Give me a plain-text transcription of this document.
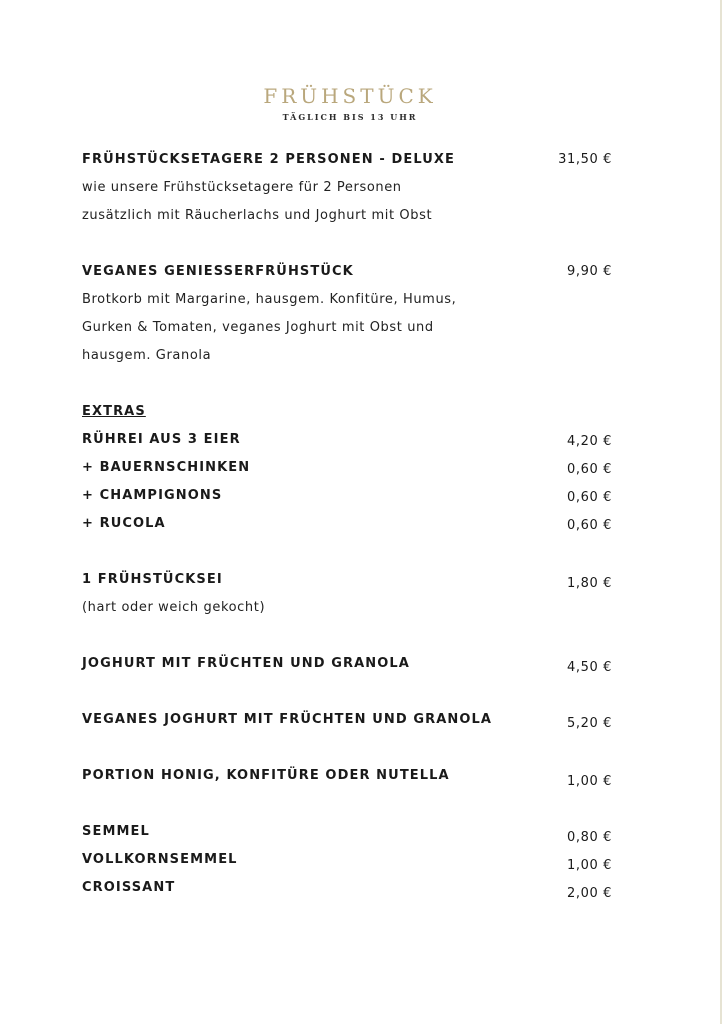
FRÜHSTÜCK
TÄGLICH BIS 13 UHR
FRÜHSTÜCKSETAGERE 2 PERSONEN - DELUXE	31,50 €
wie unsere Frühstücksetagere für 2 Personen
zusätzlich mit Räucherlachs und Joghurt mit Obst
VEGANES GENIESSERFRÜHSTÜCK	9,90 €
Brotkorb mit Margarine, hausgem. Konfitüre, Humus,
Gurken & Tomaten, veganes Joghurt mit Obst und
hausgem. Granola
EXTRAS
RÜHREI AUS 3 EIER	4,20 €
+ BAUERNSCHINKEN	0,60 €
+ CHAMPIGNONS	0,60 €
+ RUCOLA	0,60 €
1 FRÜHSTÜCKSEI	1,80 €
(hart oder weich gekocht)
JOGHURT MIT FRÜCHTEN UND GRANOLA	4,50 €
VEGANES JOGHURT MIT FRÜCHTEN UND GRANOLA	5,20 €
PORTION HONIG, KONFITÜRE ODER NUTELLA	1,00 €
SEMMEL	0,80 €
VOLLKORNSEMMEL	1,00 €
CROISSANT	2,00 €
